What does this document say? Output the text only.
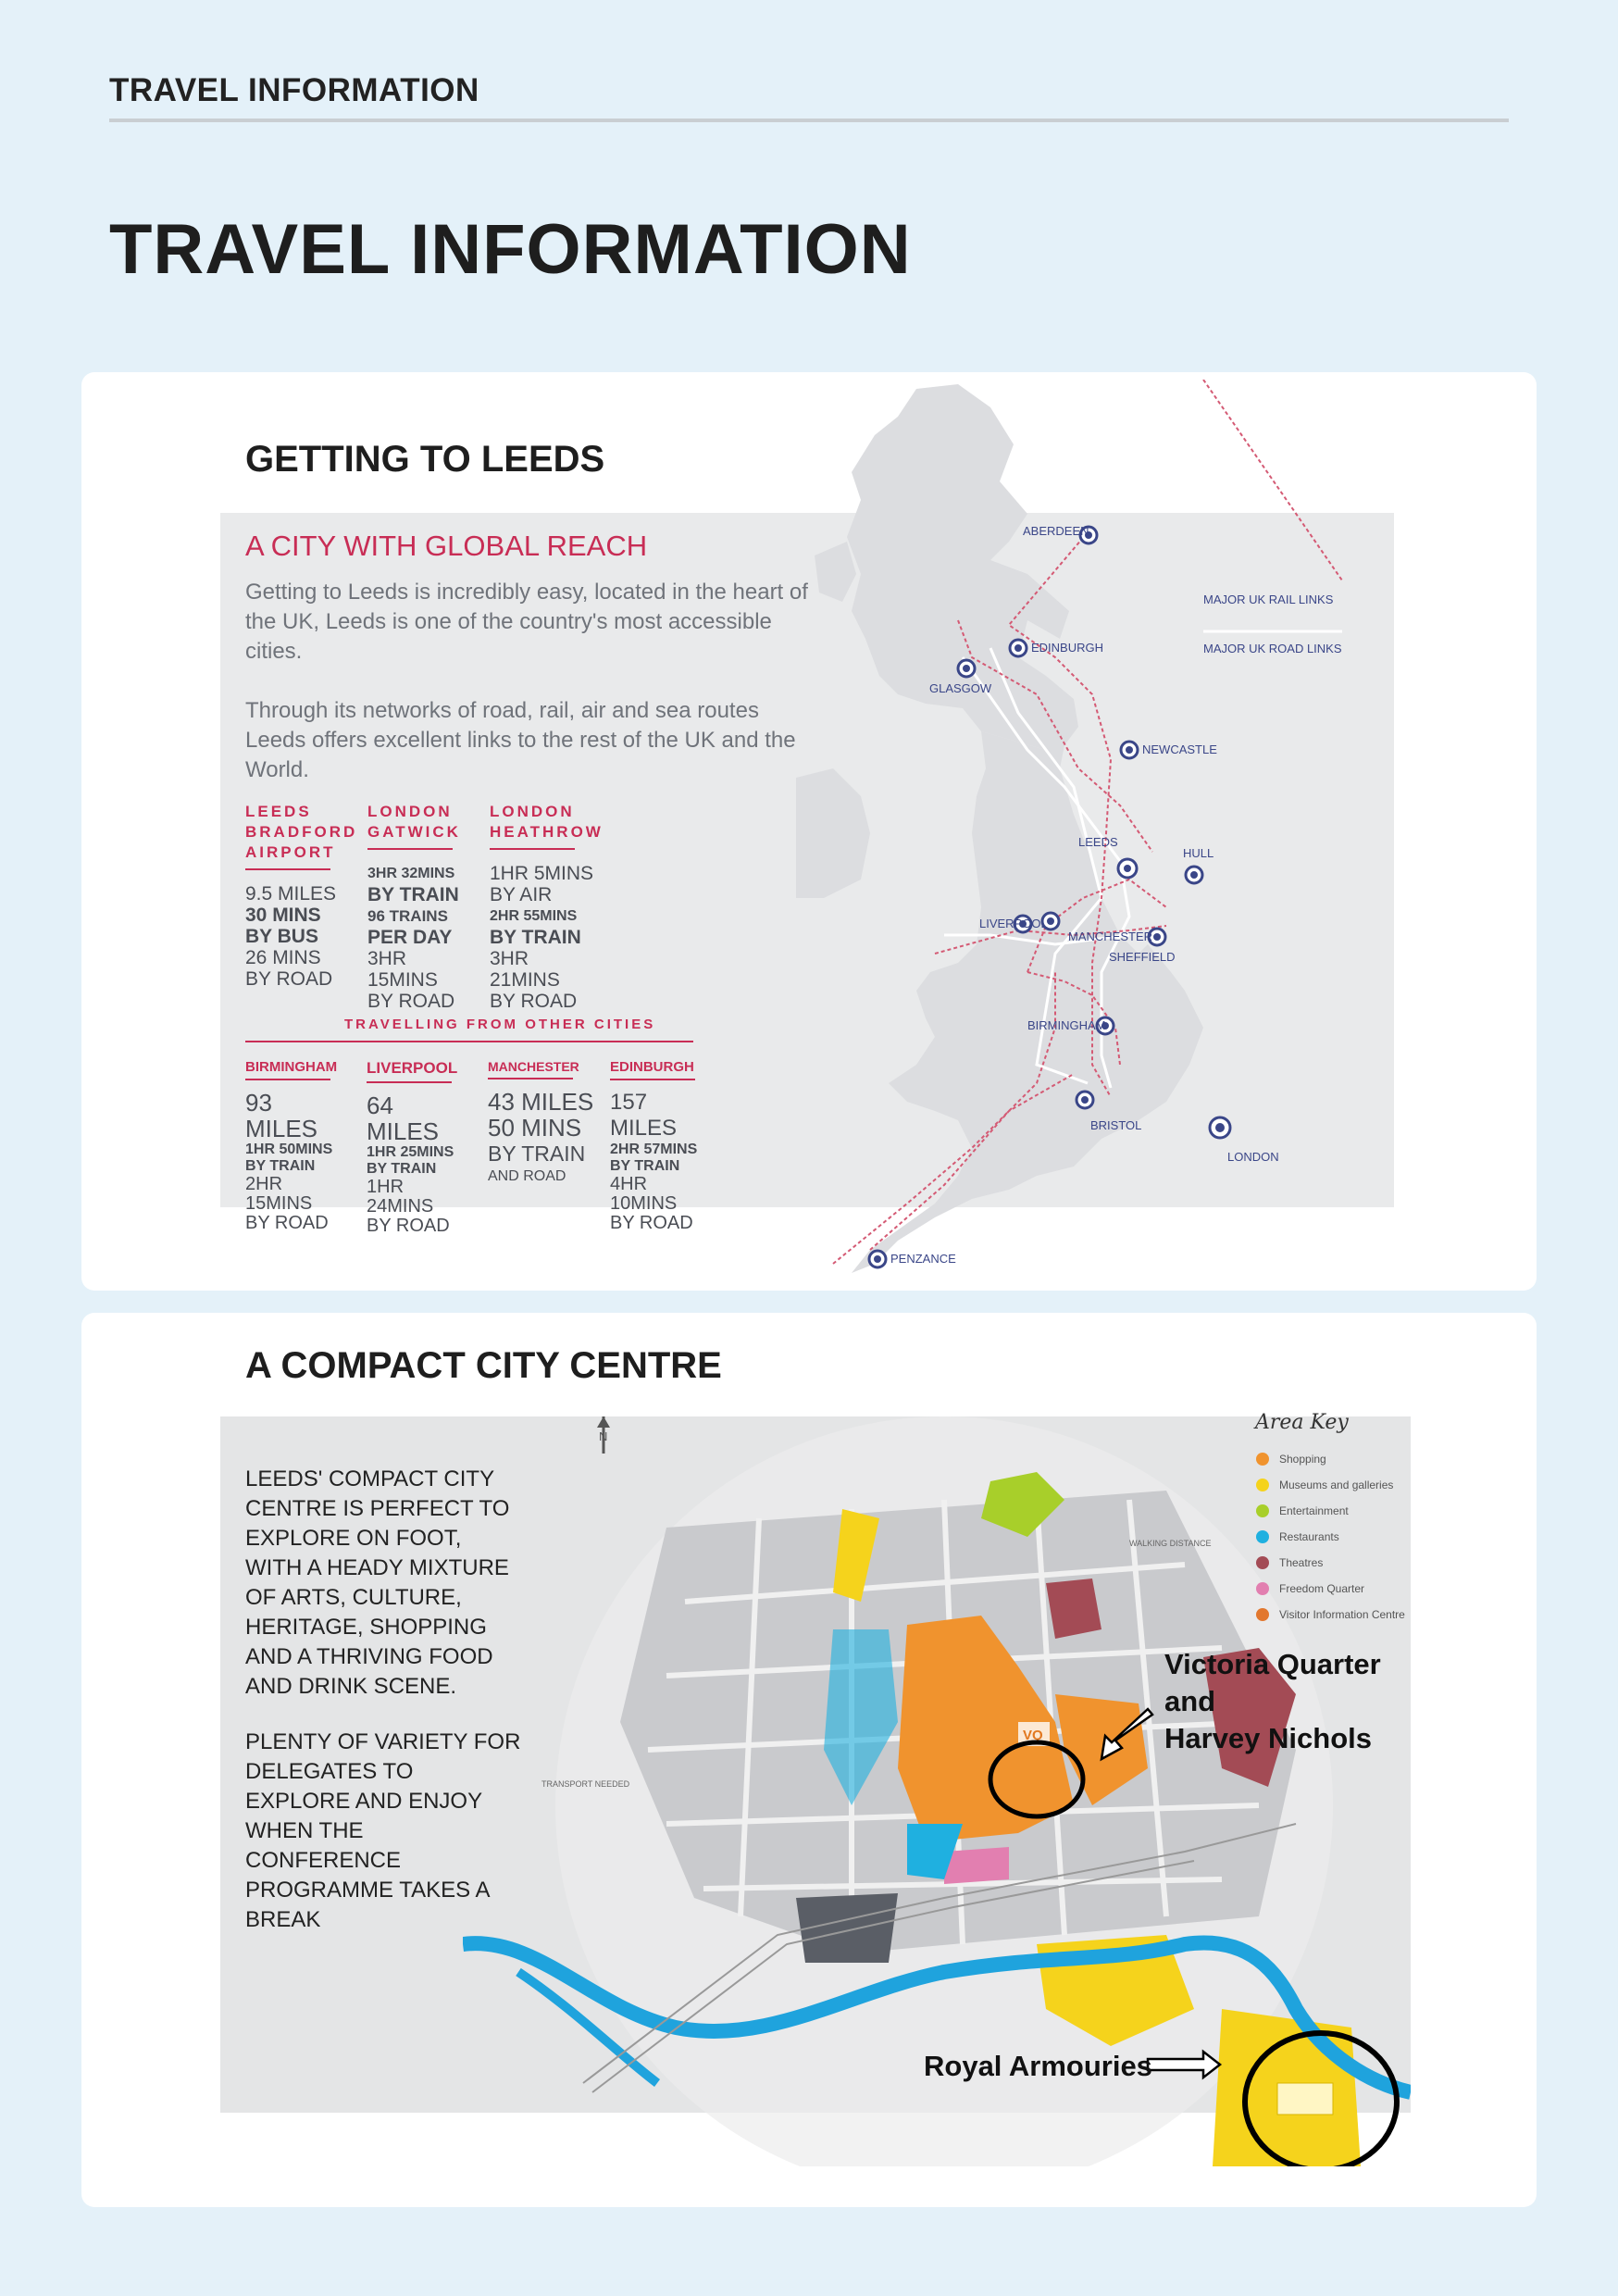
TRAVEL INFORMATION
TRAVEL INFORMATION
GETTING TO LEEDS
MAJOR UK RAIL LINKS
MAJOR UK ROAD LINKS
ABERDEEN
EDINBURGH
GLASGOW
NEWCASTLE
LEEDS
HULL
LIVERPOOL
MANCHESTER
SHEFFIELD
BIRMINGHAM
BRISTOL
LONDON
PENZANCE
A CITY WITH GLOBAL REACH
Getting to Leeds is incredibly easy, located in the heart of the UK, Leeds is one of the country's most accessible cities.
Through its networks of road, rail, air and sea routes Leeds offers excellent links to the rest of the UK and the World.
LEEDS BRADFORD AIRPORT
9.5 MILES
30 MINS
BY BUS
26 MINS
BY ROAD
LONDON GATWICK
3HR 32MINS
BY TRAIN
96 TRAINS
PER DAY
3HR 15MINS
BY ROAD
LONDON HEATHROW
1HR 5MINS
BY AIR
2HR 55MINS
BY TRAIN
3HR 21MINS
BY ROAD
TRAVELLING FROM OTHER CITIES
BIRMINGHAM
93 MILES
1HR 50MINS
BY TRAIN
2HR 15MINS
BY ROAD
LIVERPOOL
64 MILES
1HR 25MINS
BY TRAIN
1HR 24MINS
BY ROAD
MANCHESTER
43 MILES
50 MINS
BY TRAIN
AND ROAD
EDINBURGH
157 MILES
2HR 57MINS
BY TRAIN
4HR 10MINS
BY ROAD
A COMPACT CITY CENTRE
N
VQ
WALKING DISTANCE
TRANSPORT NEEDED
Area Key
Shopping
Museums and galleries
Entertainment
Restaurants
Theatres
Freedom Quarter
Visitor Information Centre
LEEDS' COMPACT CITY CENTRE IS PERFECT TO EXPLORE ON FOOT, WITH A HEADY MIXTURE OF ARTS, CULTURE, HERITAGE, SHOPPING AND A THRIVING FOOD AND DRINK SCENE.
PLENTY OF VARIETY FOR DELEGATES TO EXPLORE AND ENJOY WHEN THE CONFERENCE PROGRAMME TAKES A BREAK
Victoria Quarter
and
Harvey Nichols
Royal Armouries
